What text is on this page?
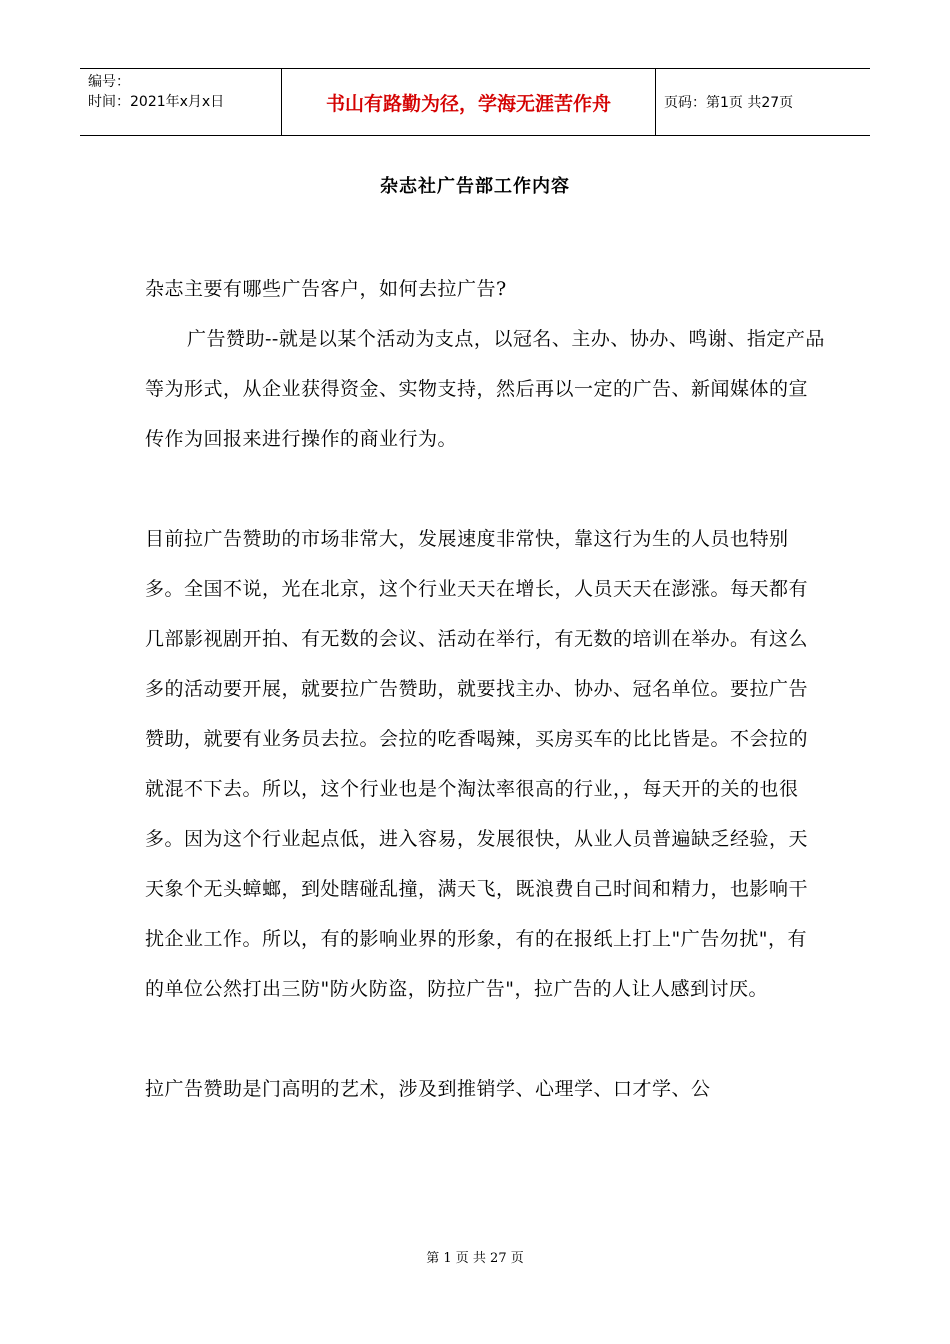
编号：
时间：2021年x月x日	书山有路勤为径，学海无涯苦作舟	页码：第1页 共27页
杂志社广告部工作内容

杂志主要有哪些广告客户，如何去拉广告?

广告赞助--就是以某个活动为支点，以冠名、主办、协办、鸣谢、指定产品等为形式，从企业获得资金、实物支持，然后再以一定的广告、新闻媒体的宣传作为回报来进行操作的商业行为。

目前拉广告赞助的市场非常大，发展速度非常快，靠这行为生的人员也特别多。全国不说，光在北京，这个行业天天在增长，人员天天在澎涨。每天都有几部影视剧开拍、有无数的会议、活动在举行，有无数的培训在举办。有这么多的活动要开展，就要拉广告赞助，就要找主办、协办、冠名单位。要拉广告赞助，就要有业务员去拉。会拉的吃香喝辣，买房买车的比比皆是。不会拉的就混不下去。所以，这个行业也是个淘汰率很高的行业，，每天开的关的也很多。因为这个行业起点低，进入容易，发展很快，从业人员普遍缺乏经验，天天象个无头蟑螂，到处瞎碰乱撞，满天飞，既浪费自己时间和精力，也影响干扰企业工作。所以，有的影响业界的形象，有的在报纸上打上"广告勿扰"，有的单位公然打出三防"防火防盗，防拉广告"，拉广告的人让人感到讨厌。

拉广告赞助是门高明的艺术，涉及到推销学、心理学、口才学、公

第 1 页 共 27 页
